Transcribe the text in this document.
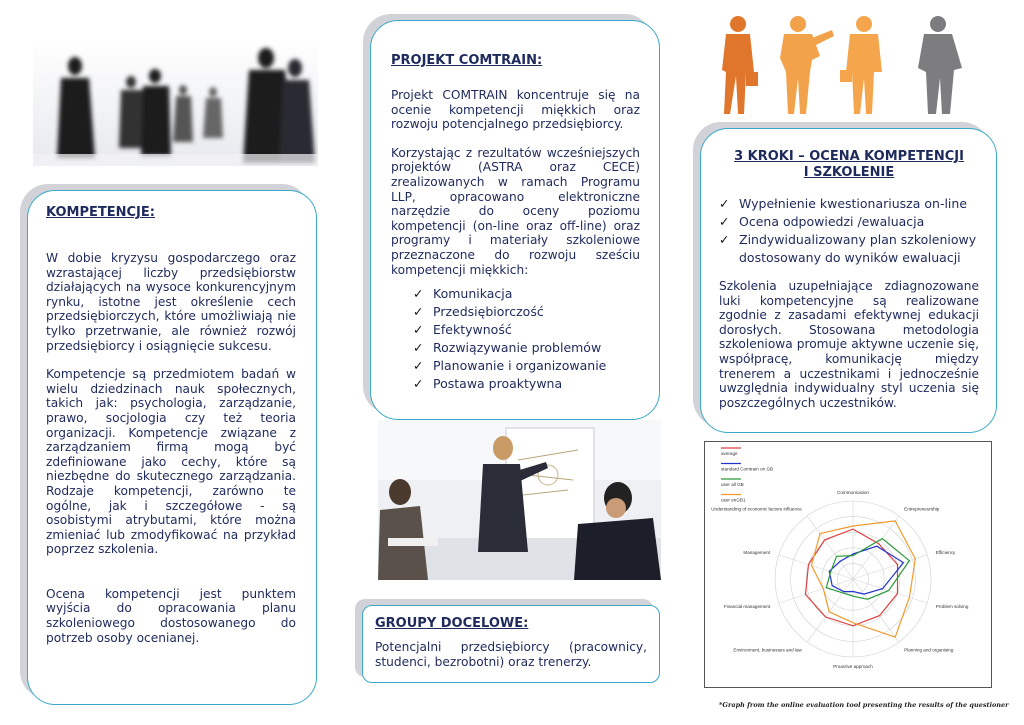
KOMPETENCJE:

W dobie kryzysu gospodarczego oraz wzrastającej liczby przedsiębiorstw działających na wysoce konkurencyjnym rynku, istotne jest określenie cech przedsiębiorczych, które umożliwiają nie tylko przetrwanie, ale również rozwój przedsiębiorcy i osiągnięcie sukcesu.

Kompetencje są przedmiotem badań w wielu dziedzinach nauk społecznych, takich jak: psychologia, zarządzanie, prawo, socjologia czy też teoria organizacji. Kompetencje związane z zarządzaniem firmą mogą być zdefiniowane jako cechy, które są niezbędne do skutecznego zarządzania. Rodzaje kompetencji, zarówno te ogólne, jak i szczegółowe - są osobistymi atrybutami, które można zmieniać lub zmodyfikować na przykład poprzez szkolenia.

Ocena kompetencji jest punktem wyjścia do opracowania planu szkoleniowego dostosowanego do potrzeb osoby ocenianej.

PROJEKT COMTRAIN:

Projekt COMTRAIN koncentruje się na ocenie kompetencji miękkich oraz rozwoju potencjalnego przedsiębiorcy.

Korzystając z rezultatów wcześniejszych projektów (ASTRA oraz CECE) zrealizowanych w ramach Programu LLP, opracowano elektroniczne narzędzie do oceny poziomu kompetencji (on-line oraz off-line) oraz programy i materiały szkoleniowe przeznaczone do rozwoju sześciu kompetencji miękkich:

✓ Komunikacja
✓ Przedsiębiorczość
✓ Efektywność
✓ Rozwiązywanie problemów
✓ Planowanie i organizowanie
✓ Postawa proaktywna
GROUPY DOCELOWE:

Potencjalni przedsiębiorcy (pracownicy, studenci, bezrobotni) oraz trenerzy.

3 KROKI – OCENA KOMPETENCJI
I SZKOLENIE
✓ Wypełnienie kwestionariusza on-line
✓ Ocena odpowiedzi /ewaluacja
✓ Zindywidualizowany plan szkoleniowy dostosowany do wyników ewaluacji

Szkolenia uzupełniające zdiagnozowane luki kompetencyjne są realizowane zgodnie z zasadami efektywnej edukacji dorosłych. Stosowana metodologia szkoleniowa promuje aktywne uczenie się, współpracę, komunikację między trenerem a uczestnikami i jednocześnie uwzględnia indywidualny styl uczenia się poszczególnych uczestników.

Communication
Entrepreneurship
Efficiency
Problem solving
Planning and organising
Proactive approach
Environment, businesses and law
Financial management
Management
Understanding of economic factors influence
average
standard Comtrain on GB
user all GB
user enGB1
*Graph from the online evaluation tool presenting the results of the questioner
